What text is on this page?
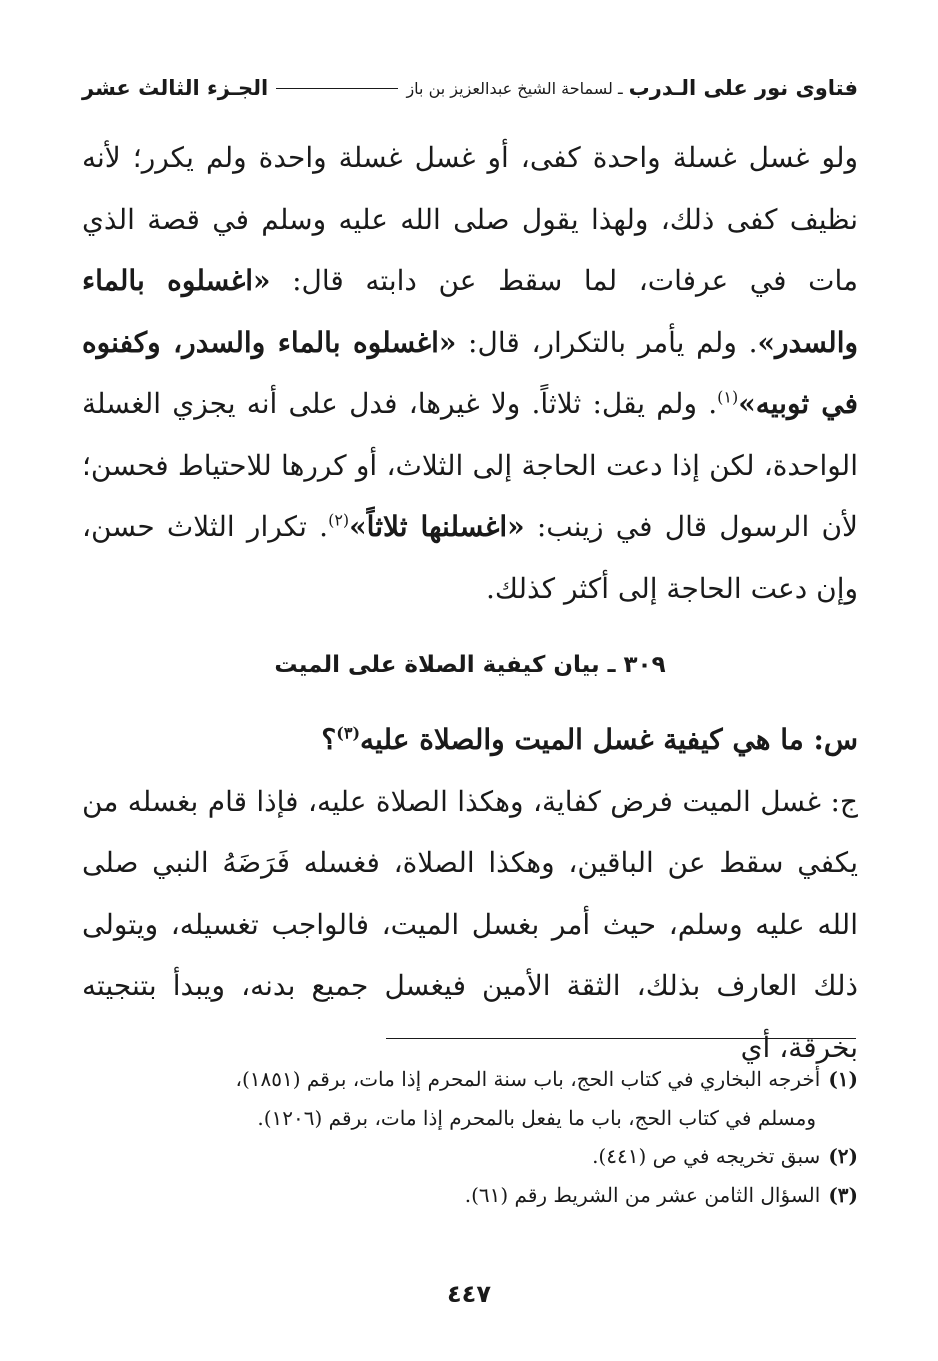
فتاوى نور على الـدرب
ـ لسماحة الشيخ عبدالعزيز بن باز
الجـزء الثالث عشر

ولو غسل غسلة واحدة كفى، أو غسل غسلة واحدة ولم يكرر؛ لأنه نظيف كفى ذلك، ولهذا يقول صلى الله عليه وسلم في قصة الذي مات في عرفات، لما سقط عن دابته قال: «اغسلوه بالماء والسدر». ولم يأمر بالتكرار، قال: «اغسلوه بالماء والسدر، وكفنوه في ثوبيه»$^{(١)}$. ولم يقل: ثلاثاً. ولا غيرها، فدل على أنه يجزي الغسلة الواحدة، لكن إذا دعت الحاجة إلى الثلاث، أو كررها للاحتياط فحسن؛ لأن الرسول قال في زينب: «اغسلنها ثلاثاً»$^{(٢)}$. تكرار الثلاث حسن، وإن دعت الحاجة إلى أكثر كذلك.

٣٠٩ ـ بيان كيفية الصلاة على الميت

س: ما هي كيفية غسل الميت والصلاة عليه$^{(٣)}$؟

ج: غسل الميت فرض كفاية، وهكذا الصلاة عليه، فإذا قام بغسله من يكفي سقط عن الباقين، وهكذا الصلاة، فغسله فَرَضَهُ النبي صلى الله عليه وسلم، حيث أمر بغسل الميت، فالواجب تغسيله، ويتولى ذلك العارف بذلك، الثقة الأمين فيغسل جميع بدنه، ويبدأ بتنجيته بخرقة، أي

(١)أخرجه البخاري في كتاب الحج، باب سنة المحرم إذا مات، برقم (١٨٥١)،

ومسلم في كتاب الحج، باب ما يفعل بالمحرم إذا مات، برقم (١٢٠٦).

(٢)سبق تخريجه في ص (٤٤١).

(٣)السؤال الثامن عشر من الشريط رقم (٦١).

٤٤٧
